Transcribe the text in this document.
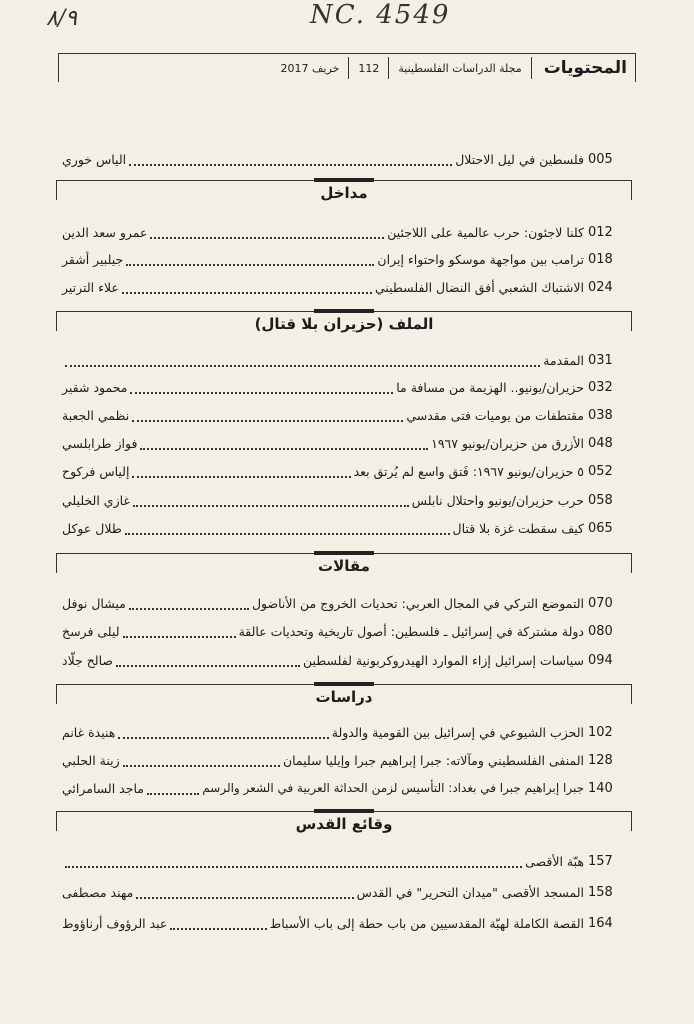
٨/٩	NC. 4549
المحتويات
مجلة الدراسات الفلسطينية
112
خريف 2017
005
فلسطين في ليل الاحتلال
الياس خوري
مداخل
012
كلنا لاجئون: حرب عالمية على اللاجئين
عمرو سعد الدين
018
ترامب بين مواجهة موسكو واحتواء إيران
جيلبير أشقر
024
الاشتباك الشعبي أفق النضال الفلسطيني
علاء الترتير
الملف (حزيران بلا قتال)
031
المقدمة
032
حزيران/يونيو.. الهزيمة من مسافة ما
محمود شقير
038
مقتطفات من يوميات فتى مقدسي
نظمي الجعبة
048
الأزرق من حزيران/يونيو ١٩٦٧
فواز طرابلسي
052
٥ حزيران/يونيو ١٩٦٧: فَتق واسع لم يُرتق بعد
إلياس فركوح
058
حرب حزيران/يونيو واحتلال نابلس
غازي الخليلي
065
كيف سقطت غزة بلا قتال
طلال عوكل
مقالات
070
التموضع التركي في المجال العربي: تحديات الخروج من الأناضول
ميشال نوفل
080
دولة مشتركة في إسرائيل ـ فلسطين: أصول تاريخية وتحديات عالقة
ليلى فرسخ
094
سياسات إسرائيل إزاء الموارد الهيدروكربونية لفلسطين
صالح جلّاد
دراسات
102
الحزب الشيوعي في إسرائيل بين القومية والدولة
هنيدة غانم
128
المنفى الفلسطيني ومآلاته: جبرا إبراهيم جبرا وإيليا سليمان
زينة الحلبي
140
جبرا إبراهيم جبرا في بغداد: التأسيس لزمن الحداثة العربية في الشعر والرسم
ماجد السامرائي
وقائع القدس
157
هبّة الأقصى
158
المسجد الأقصى "ميدان التحرير" في القدس
مهند مصطفى
164
القصة الكاملة لهبّة المقدسيين من باب حطة إلى باب الأسباط
عبد الرؤوف أرناؤوط
